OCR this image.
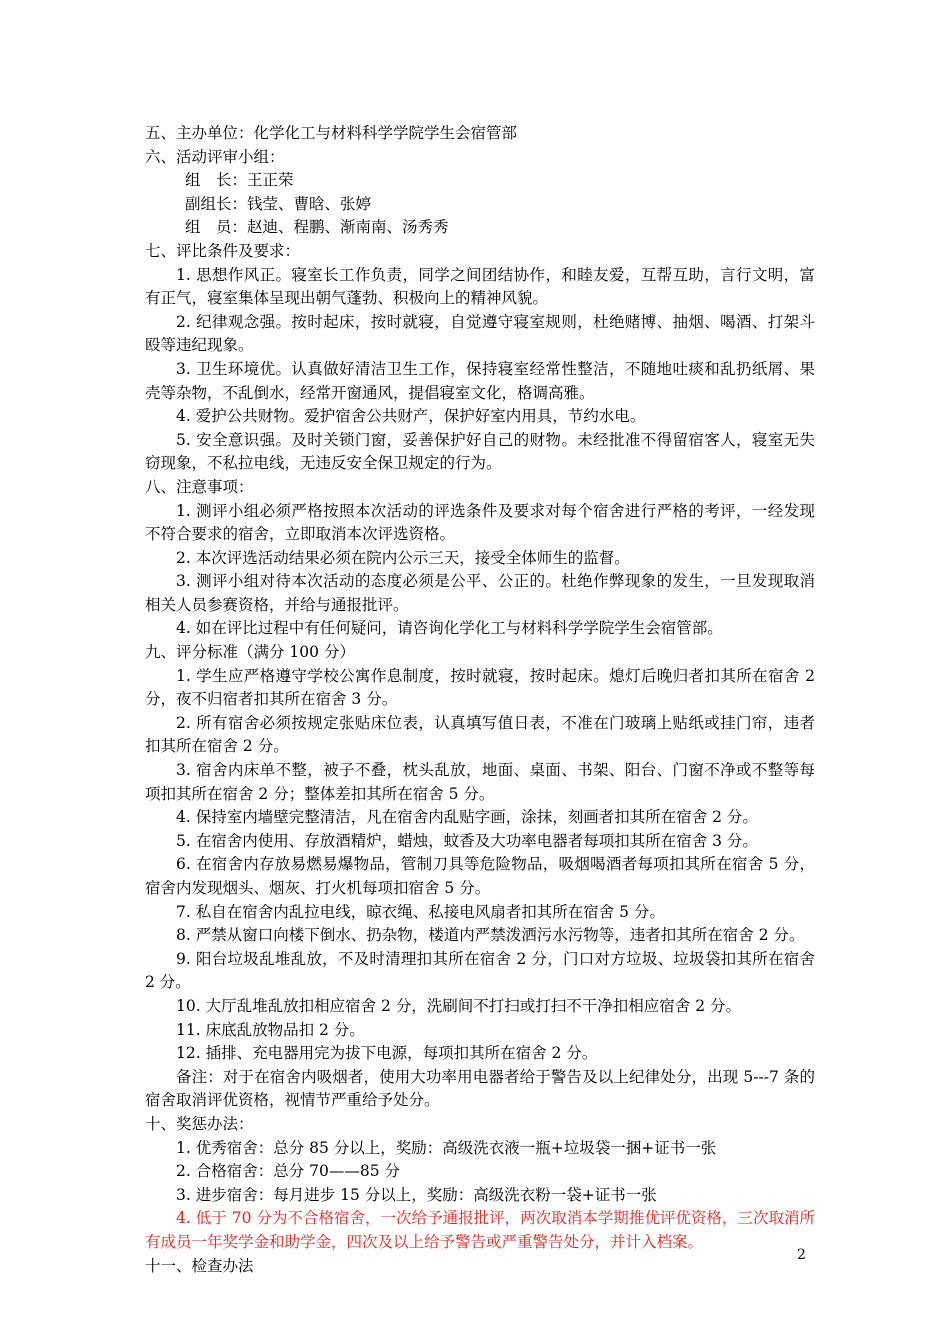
五、主办单位：化学化工与材料科学学院学生会宿管部
六、活动评审小组：
组　长：王正荣
副组长：钱莹、曹晗、张婷
组　员：赵迪、程鹏、渐南南、汤秀秀
七、评比条件及要求：
1. 思想作风正。寝室长工作负责，同学之间团结协作，和睦友爱，互帮互助，言行文明，富有正气，寝室集体呈现出朝气蓬勃、积极向上的精神风貌。
2. 纪律观念强。按时起床，按时就寝，自觉遵守寝室规则，杜绝赌博、抽烟、喝酒、打架斗殴等违纪现象。
3. 卫生环境优。认真做好清洁卫生工作，保持寝室经常性整洁，不随地吐痰和乱扔纸屑、果壳等杂物，不乱倒水，经常开窗通风，提倡寝室文化，格调高雅。
4. 爱护公共财物。爱护宿舍公共财产，保护好室内用具，节约水电。
5. 安全意识强。及时关锁门窗，妥善保护好自己的财物。未经批准不得留宿客人，寝室无失窃现象，不私拉电线，无违反安全保卫规定的行为。
八、注意事项：
1. 测评小组必须严格按照本次活动的评选条件及要求对每个宿舍进行严格的考评，一经发现不符合要求的宿舍，立即取消本次评选资格。
2. 本次评选活动结果必须在院内公示三天，接受全体师生的监督。
3. 测评小组对待本次活动的态度必须是公平、公正的。杜绝作弊现象的发生，一旦发现取消相关人员参赛资格，并给与通报批评。
4. 如在评比过程中有任何疑问，请咨询化学化工与材料科学学院学生会宿管部。
九、评分标准（满分 100 分）
1. 学生应严格遵守学校公寓作息制度，按时就寝，按时起床。熄灯后晚归者扣其所在宿舍 2 分，夜不归宿者扣其所在宿舍 3 分。
2. 所有宿舍必须按规定张贴床位表，认真填写值日表，不准在门玻璃上贴纸或挂门帘，违者扣其所在宿舍 2 分。
3. 宿舍内床单不整，被子不叠，枕头乱放，地面、桌面、书架、阳台、门窗不净或不整等每项扣其所在宿舍 2 分；整体差扣其所在宿舍 5 分。
4. 保持室内墙壁完整清洁，凡在宿舍内乱贴字画，涂抹，刻画者扣其所在宿舍 2 分。
5. 在宿舍内使用、存放酒精炉，蜡烛，蚊香及大功率电器者每项扣其所在宿舍 3 分。
6. 在宿舍内存放易燃易爆物品，管制刀具等危险物品，吸烟喝酒者每项扣其所在宿舍 5 分，宿舍内发现烟头、烟灰、打火机每项扣宿舍 5 分。
7. 私自在宿舍内乱拉电线，晾衣绳、私接电风扇者扣其所在宿舍 5 分。
8. 严禁从窗口向楼下倒水、扔杂物，楼道内严禁泼洒污水污物等，违者扣其所在宿舍 2 分。
9. 阳台垃圾乱堆乱放，不及时清理扣其所在宿舍 2 分，门口对方垃圾、垃圾袋扣其所在宿舍 2 分。
10. 大厅乱堆乱放扣相应宿舍 2 分，洗刷间不打扫或打扫不干净扣相应宿舍 2 分。
11. 床底乱放物品扣 2 分。
12. 插排、充电器用完为拔下电源，每项扣其所在宿舍 2 分。
备注：对于在宿舍内吸烟者，使用大功率用电器者给于警告及以上纪律处分，出现 5---7 条的宿舍取消评优资格，视情节严重给予处分。
十、奖惩办法：
1. 优秀宿舍：总分 85 分以上，奖励：高级洗衣液一瓶+垃圾袋一捆+证书一张
2. 合格宿舍：总分 70——85 分
3. 进步宿舍：每月进步 15 分以上，奖励：高级洗衣粉一袋+证书一张
4. 低于 70 分为不合格宿舍，一次给予通报批评，两次取消本学期推优评优资格，三次取消所有成员一年奖学金和助学金，四次及以上给予警告或严重警告处分，并计入档案。
十一、检查办法
2
